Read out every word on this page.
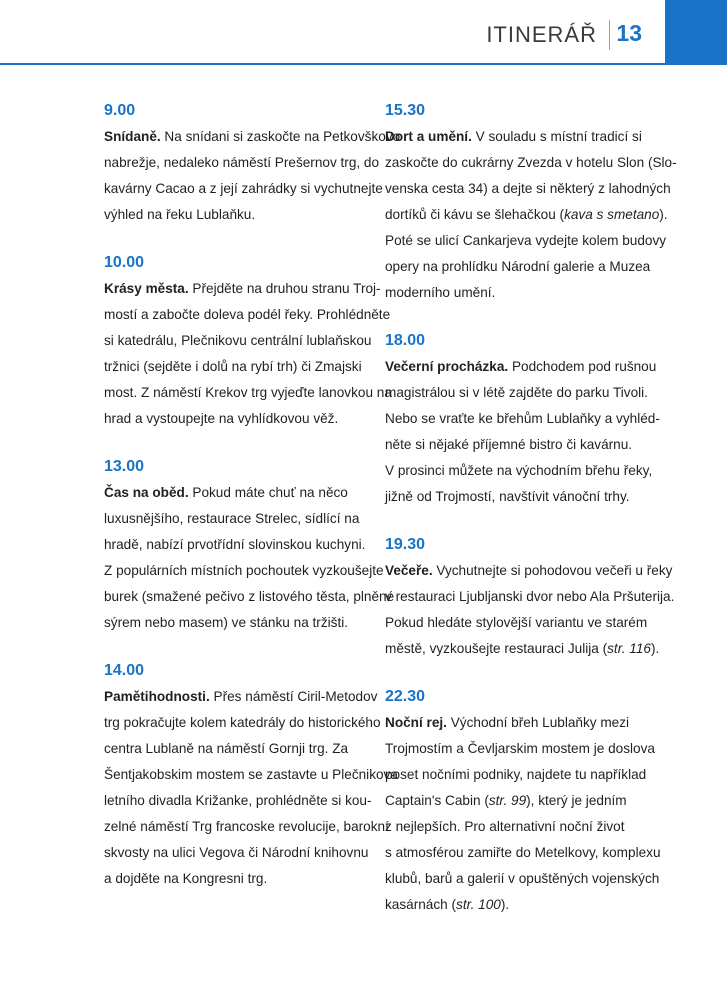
ITINERÁŘ 13
9.00

Snídaně. Na snídani si zaskočte na Petkovškovo

nabrežje, nedaleko náměstí Prešernov trg, do

kavárny Cacao a z její zahrádky si vychutnejte

výhled na řeku Lublaňku.

10.00

Krásy města. Přejděte na druhou stranu Troj-

mostí a zabočte doleva podél řeky. Prohlédněte

si katedrálu, Plečnikovu centrální lublaňskou

tržnici (sejděte i dolů na rybí trh) či Zmajski

most. Z náměstí Krekov trg vyjeďte lanovkou na

hrad a vystoupejte na vyhlídkovou věž.

13.00

Čas na oběd. Pokud máte chuť na něco

luxusnějšího, restaurace Strelec, sídlící na

hradě, nabízí prvotřídní slovinskou kuchyni.

Z populárních místních pochoutek vyzkoušejte

burek (smažené pečivo z listového těsta, plněné

sýrem nebo masem) ve stánku na tržišti.

14.00

Pamětihodnosti. Přes náměstí Ciril-Metodov

trg pokračujte kolem katedrály do historického

centra Lublaně na náměstí Gornji trg. Za

Šentjakobskim mostem se zastavte u Plečnikova

letního divadla Križanke, prohlédněte si kou-

zelné náměstí Trg francoske revolucije, barokní

skvosty na ulici Vegova či Národní knihovnu

a dojděte na Kongresni trg.

15.30

Dort a umění. V souladu s místní tradicí si

zaskočte do cukrárny Zvezda v hotelu Slon (Slo-

venska cesta 34) a dejte si některý z lahodných

dortíků či kávu se šlehačkou (kava s smetano).

Poté se ulicí Cankarjeva vydejte kolem budovy

opery na prohlídku Národní galerie a Muzea

moderního umění.

18.00

Večerní procházka. Podchodem pod rušnou

magistrálou si v létě zajděte do parku Tivoli.

Nebo se vraťte ke břehům Lublaňky a vyhléd-

něte si nějaké příjemné bistro či kavárnu.

V prosinci můžete na východním břehu řeky,

jižně od Trojmostí, navštívit vánoční trhy.

19.30

Večeře. Vychutnejte si pohodovou večeři u řeky

v restauraci Ljubljanski dvor nebo Ala Pršuterija.

Pokud hledáte stylovější variantu ve starém

městě, vyzkoušejte restauraci Julija (str. 116).

22.30

Noční rej. Východní břeh Lublaňky mezi

Trojmostím a Čevljarskim mostem je doslova

poset nočními podniky, najdete tu například

Captain's Cabin (str. 99), který je jedním

z nejlepších. Pro alternativní noční život

s atmosférou zamiřte do Metelkovy, komplexu

klubů, barů a galerií v opuštěných vojenských

kasárnách (str. 100).
